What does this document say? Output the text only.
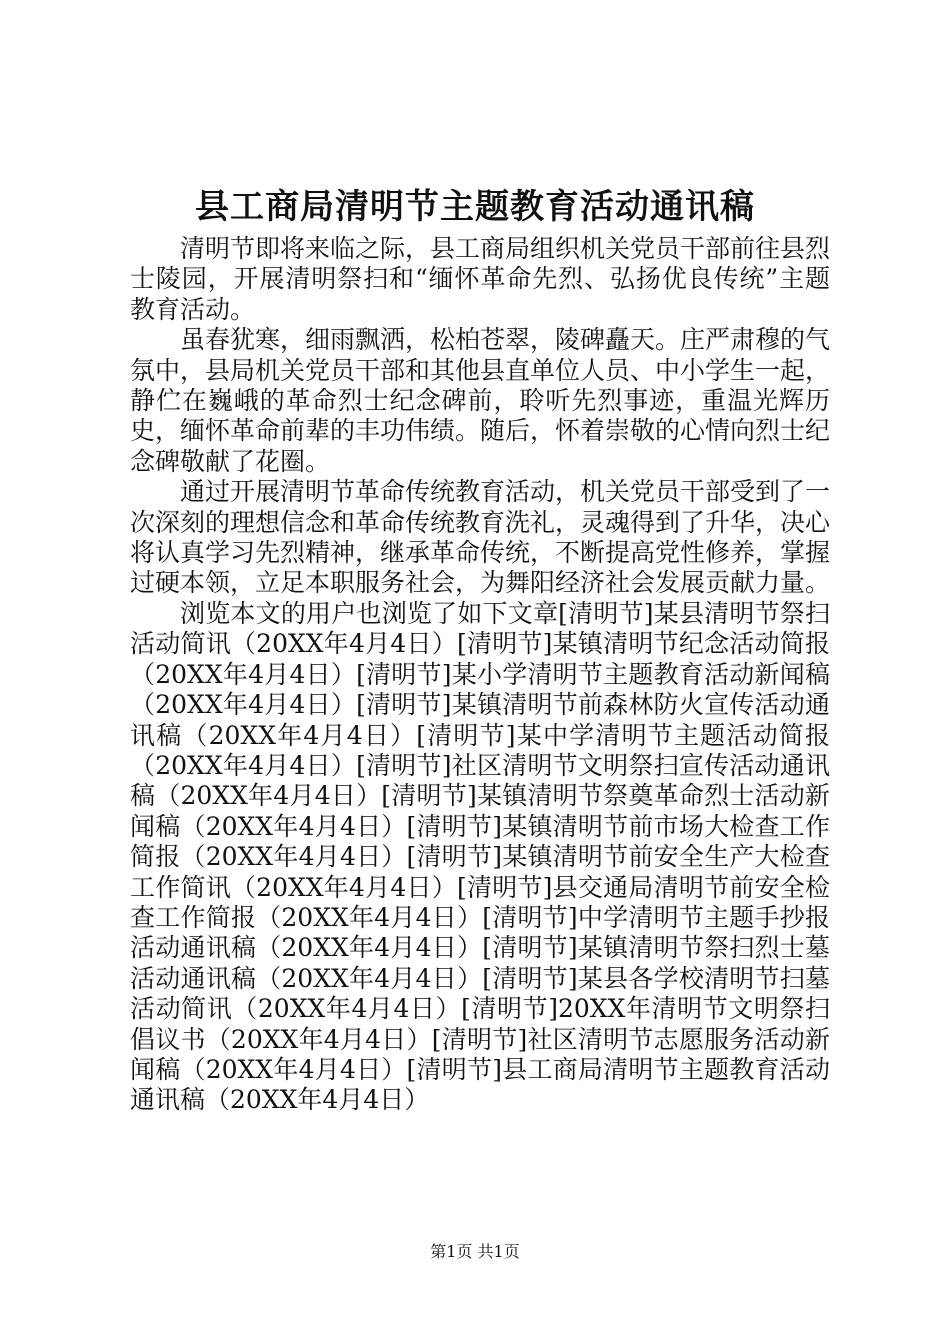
县工商局清明节主题教育活动通讯稿

清明节即将来临之际，县工商局组织机关党员干部前往县烈士陵园，开展清明祭扫和“缅怀革命先烈、弘扬优良传统”主题教育活动。

虽春犹寒，细雨飘洒，松柏苍翠，陵碑矗天。庄严肃穆的气氛中，县局机关党员干部和其他县直单位人员、中小学生一起，静伫在巍峨的革命烈士纪念碑前，聆听先烈事迹，重温光辉历史，缅怀革命前辈的丰功伟绩。随后，怀着崇敬的心情向烈士纪念碑敬献了花圈。

通过开展清明节革命传统教育活动，机关党员干部受到了一次深刻的理想信念和革命传统教育洗礼，灵魂得到了升华，决心将认真学习先烈精神，继承革命传统，不断提高党性修养，掌握过硬本领，立足本职服务社会，为舞阳经济社会发展贡献力量。

浏览本文的用户也浏览了如下文章[清明节]某县清明节祭扫活动简讯（20XX年4月4日）[清明节]某镇清明节纪念活动简报（20XX年4月4日）[清明节]某小学清明节主题教育活动新闻稿（20XX年4月4日）[清明节]某镇清明节前森林防火宣传活动通讯稿（20XX年4月4日）[清明节]某中学清明节主题活动简报（20XX年4月4日）[清明节]社区清明节文明祭扫宣传活动通讯稿（20XX年4月4日）[清明节]某镇清明节祭奠革命烈士活动新闻稿（20XX年4月4日）[清明节]某镇清明节前市场大检查工作简报（20XX年4月4日）[清明节]某镇清明节前安全生产大检查工作简讯（20XX年4月4日）[清明节]县交通局清明节前安全检查工作简报（20XX年4月4日）[清明节]中学清明节主题手抄报活动通讯稿（20XX年4月4日）[清明节]某镇清明节祭扫烈士墓活动通讯稿（20XX年4月4日）[清明节]某县各学校清明节扫墓活动简讯（20XX年4月4日）[清明节]20XX年清明节文明祭扫倡议书（20XX年4月4日）[清明节]社区清明节志愿服务活动新闻稿（20XX年4月4日）[清明节]县工商局清明节主题教育活动通讯稿（20XX年4月4日）

第1页 共1页
